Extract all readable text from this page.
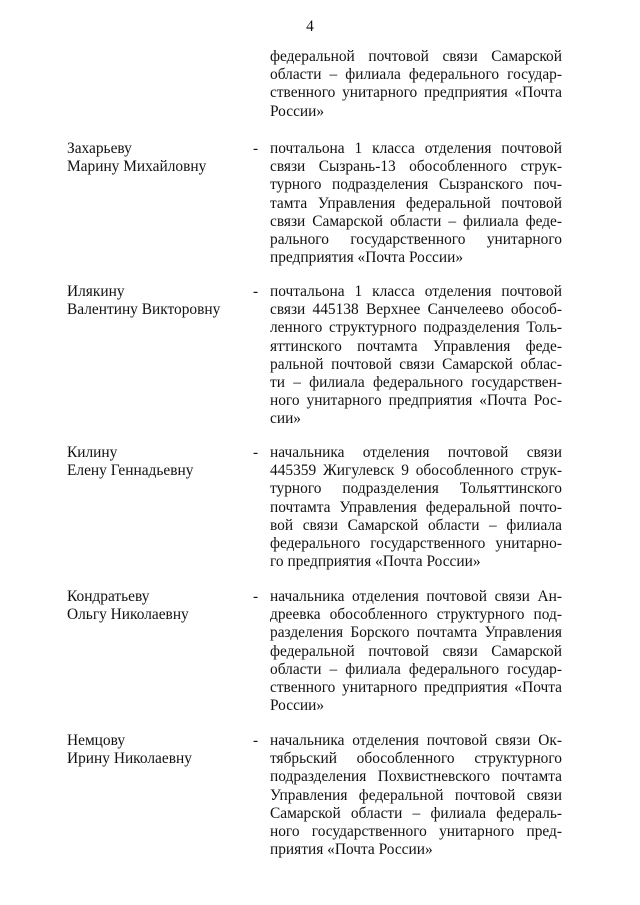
4
федеральной почтовой связи Самарской
области – филиала федерального государ-
ственного унитарного предприятия «Почта
России»
Захарьеву
Марину Михайловну
- почтальона 1 класса отделения почтовой
связи Сызрань-13 обособленного струк-
турного подразделения Сызранского поч-
тамта Управления федеральной почтовой
связи Самарской области – филиала феде-
рального государственного унитарного
предприятия «Почта России»
Илякину
Валентину Викторовну
- почтальона 1 класса отделения почтовой
связи 445138 Верхнее Санчелеево обособ-
ленного структурного подразделения Толь-
яттинского почтамта Управления феде-
ральной почтовой связи Самарской облас-
ти – филиала федерального государствен-
ного унитарного предприятия «Почта Рос-
сии»
Килину
Елену Геннадьевну
- начальника отделения почтовой связи
445359 Жигулевск 9 обособленного струк-
турного подразделения Тольяттинского
почтамта Управления федеральной почто-
вой связи Самарской области – филиала
федерального государственного унитарно-
го предприятия «Почта России»
Кондратьеву
Ольгу Николаевну
- начальника отделения почтовой связи Ан-
дреевка обособленного структурного под-
разделения Борского почтамта Управления
федеральной почтовой связи Самарской
области – филиала федерального государ-
ственного унитарного предприятия «Почта
России»
Немцову
Ирину Николаевну
- начальника отделения почтовой связи Ок-
тябрьский обособленного структурного
подразделения Похвистневского почтамта
Управления федеральной почтовой связи
Самарской области – филиала федераль-
ного государственного унитарного пред-
приятия «Почта России»
